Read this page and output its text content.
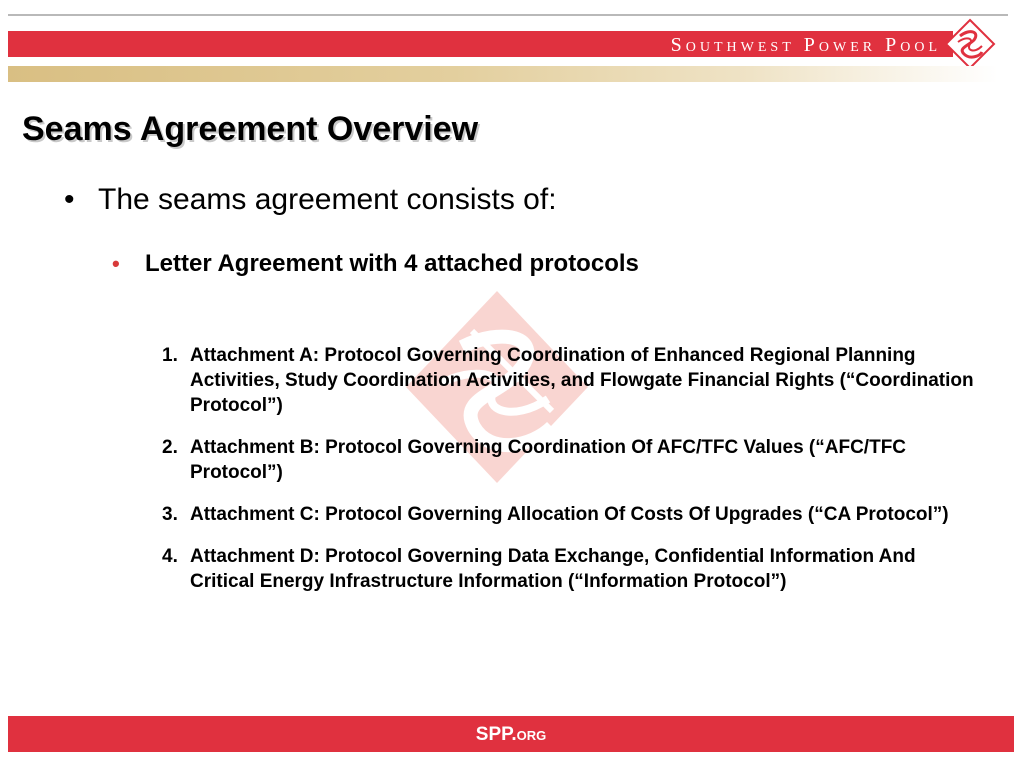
Southwest Power Pool
Seams Agreement Overview
• The seams agreement consists of:
• Letter Agreement with 4 attached protocols
1. Attachment A: Protocol Governing Coordination of Enhanced Regional Planning Activities, Study Coordination Activities, and Flowgate Financial Rights (“Coordination Protocol”)
2. Attachment B: Protocol Governing Coordination Of AFC/TFC Values (“AFC/TFC Protocol”)
3. Attachment C: Protocol Governing Allocation Of Costs Of Upgrades (“CA Protocol”)
4. Attachment D: Protocol Governing Data Exchange, Confidential Information And Critical Energy Infrastructure Information (“Information Protocol”)
SPP.org
